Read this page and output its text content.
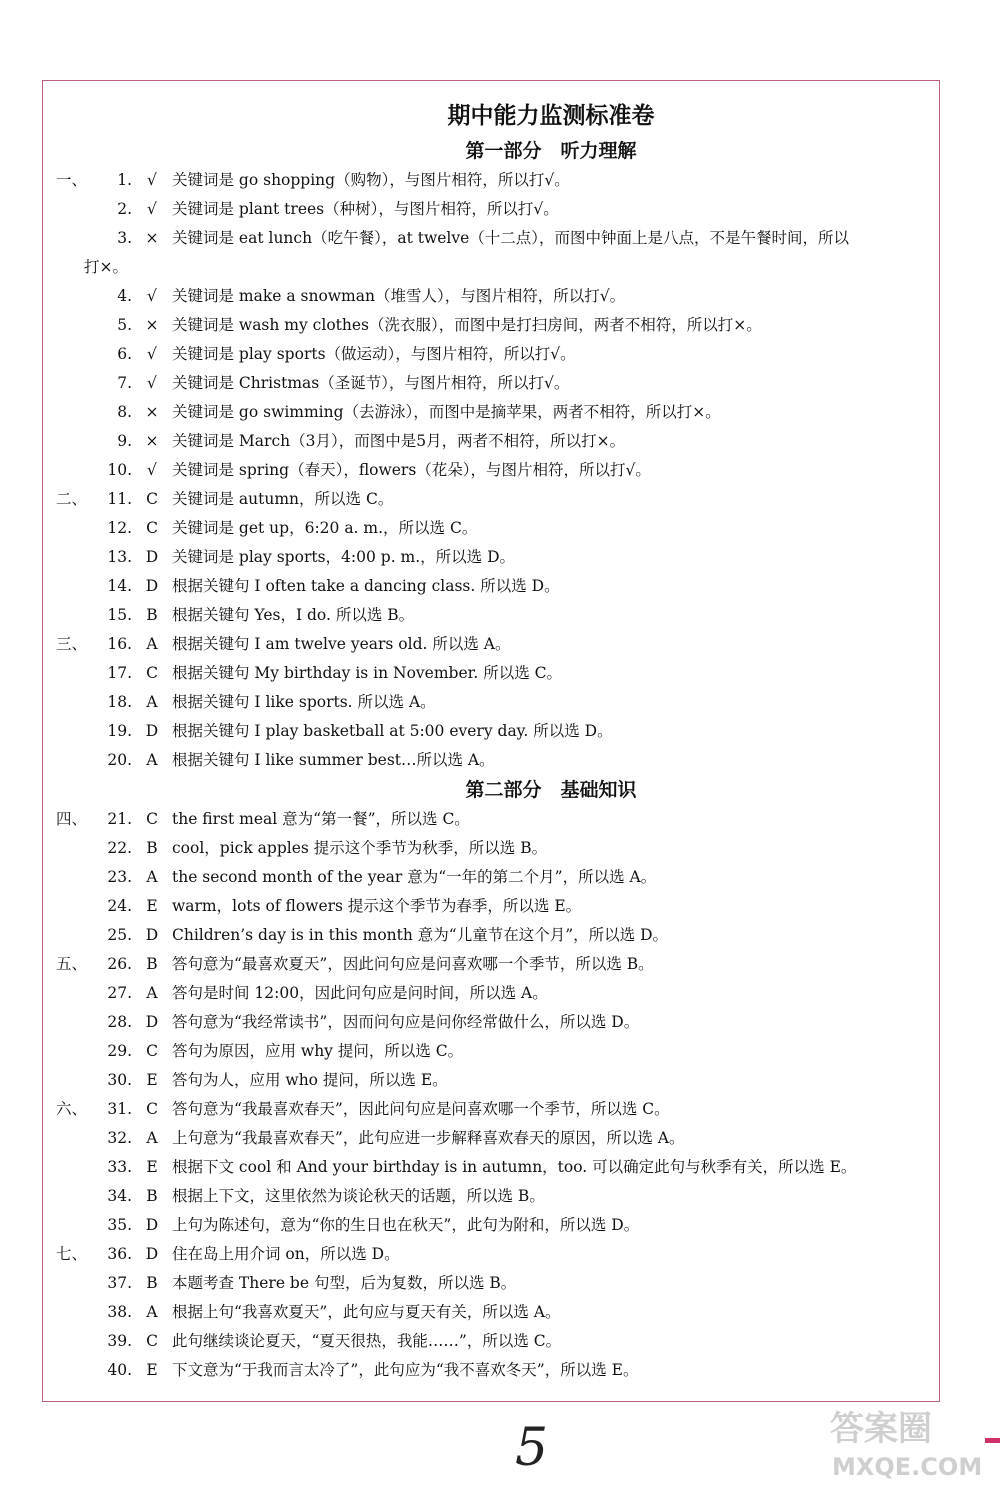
期中能力监测标准卷
第一部分　听力理解
一、	1. √ 关键词是 go shopping（购物），与图片相符，所以打√。
2. √ 关键词是 plant trees（种树），与图片相符，所以打√。
3. × 关键词是 eat lunch（吃午餐），at twelve（十二点），而图中钟面上是八点，不是午餐时间，所以
打×。
4. √ 关键词是 make a snowman（堆雪人），与图片相符，所以打√。
5. × 关键词是 wash my clothes（洗衣服），而图中是打扫房间，两者不相符，所以打×。
6. √ 关键词是 play sports（做运动），与图片相符，所以打√。
7. √ 关键词是 Christmas（圣诞节），与图片相符，所以打√。
8. × 关键词是 go swimming（去游泳），而图中是摘苹果，两者不相符，所以打×。
9. × 关键词是 March（3月），而图中是5月，两者不相符，所以打×。
10. √ 关键词是 spring（春天），flowers（花朵），与图片相符，所以打√。
二、	11. C 关键词是 autumn，所以选 C。
12. C 关键词是 get up，6:20 a. m.，所以选 C。
13. D 关键词是 play sports，4:00 p. m.，所以选 D。
14. D 根据关键句 I often take a dancing class. 所以选 D。
15. B 根据关键句 Yes，I do. 所以选 B。
三、	16. A 根据关键句 I am twelve years old. 所以选 A。
17. C 根据关键句 My birthday is in November. 所以选 C。
18. A 根据关键句 I like sports. 所以选 A。
19. D 根据关键句 I play basketball at 5:00 every day. 所以选 D。
20. A 根据关键句 I like summer best…所以选 A。
第二部分　基础知识
四、	21. C the first meal 意为“第一餐”，所以选 C。
22. B cool，pick apples 提示这个季节为秋季，所以选 B。
23. A the second month of the year 意为“一年的第二个月”，所以选 A。
24. E warm，lots of flowers 提示这个季节为春季，所以选 E。
25. D Children’s day is in this month 意为“儿童节在这个月”，所以选 D。
五、	26. B 答句意为“最喜欢夏天”，因此问句应是问喜欢哪一个季节，所以选 B。
27. A 答句是时间 12:00，因此问句应是问时间，所以选 A。
28. D 答句意为“我经常读书”，因而问句应是问你经常做什么，所以选 D。
29. C 答句为原因，应用 why 提问，所以选 C。
30. E 答句为人，应用 who 提问，所以选 E。
六、	31. C 答句意为“我最喜欢春天”，因此问句应是问喜欢哪一个季节，所以选 C。
32. A 上句意为“我最喜欢春天”，此句应进一步解释喜欢春天的原因，所以选 A。
33. E 根据下文 cool 和 And your birthday is in autumn，too. 可以确定此句与秋季有关，所以选 E。
34. B 根据上下文，这里依然为谈论秋天的话题，所以选 B。
35. D 上句为陈述句，意为“你的生日也在秋天”，此句为附和，所以选 D。
七、	36. D 住在岛上用介词 on，所以选 D。
37. B 本题考查 There be 句型，后为复数，所以选 B。
38. A 根据上句“我喜欢夏天”，此句应与夏天有关，所以选 A。
39. C 此句继续谈论夏天，“夏天很热，我能……”，所以选 C。
40. E 下文意为“于我而言太冷了”，此句应为“我不喜欢冬天”，所以选 E。
5	答案圈
MXQE.COM
